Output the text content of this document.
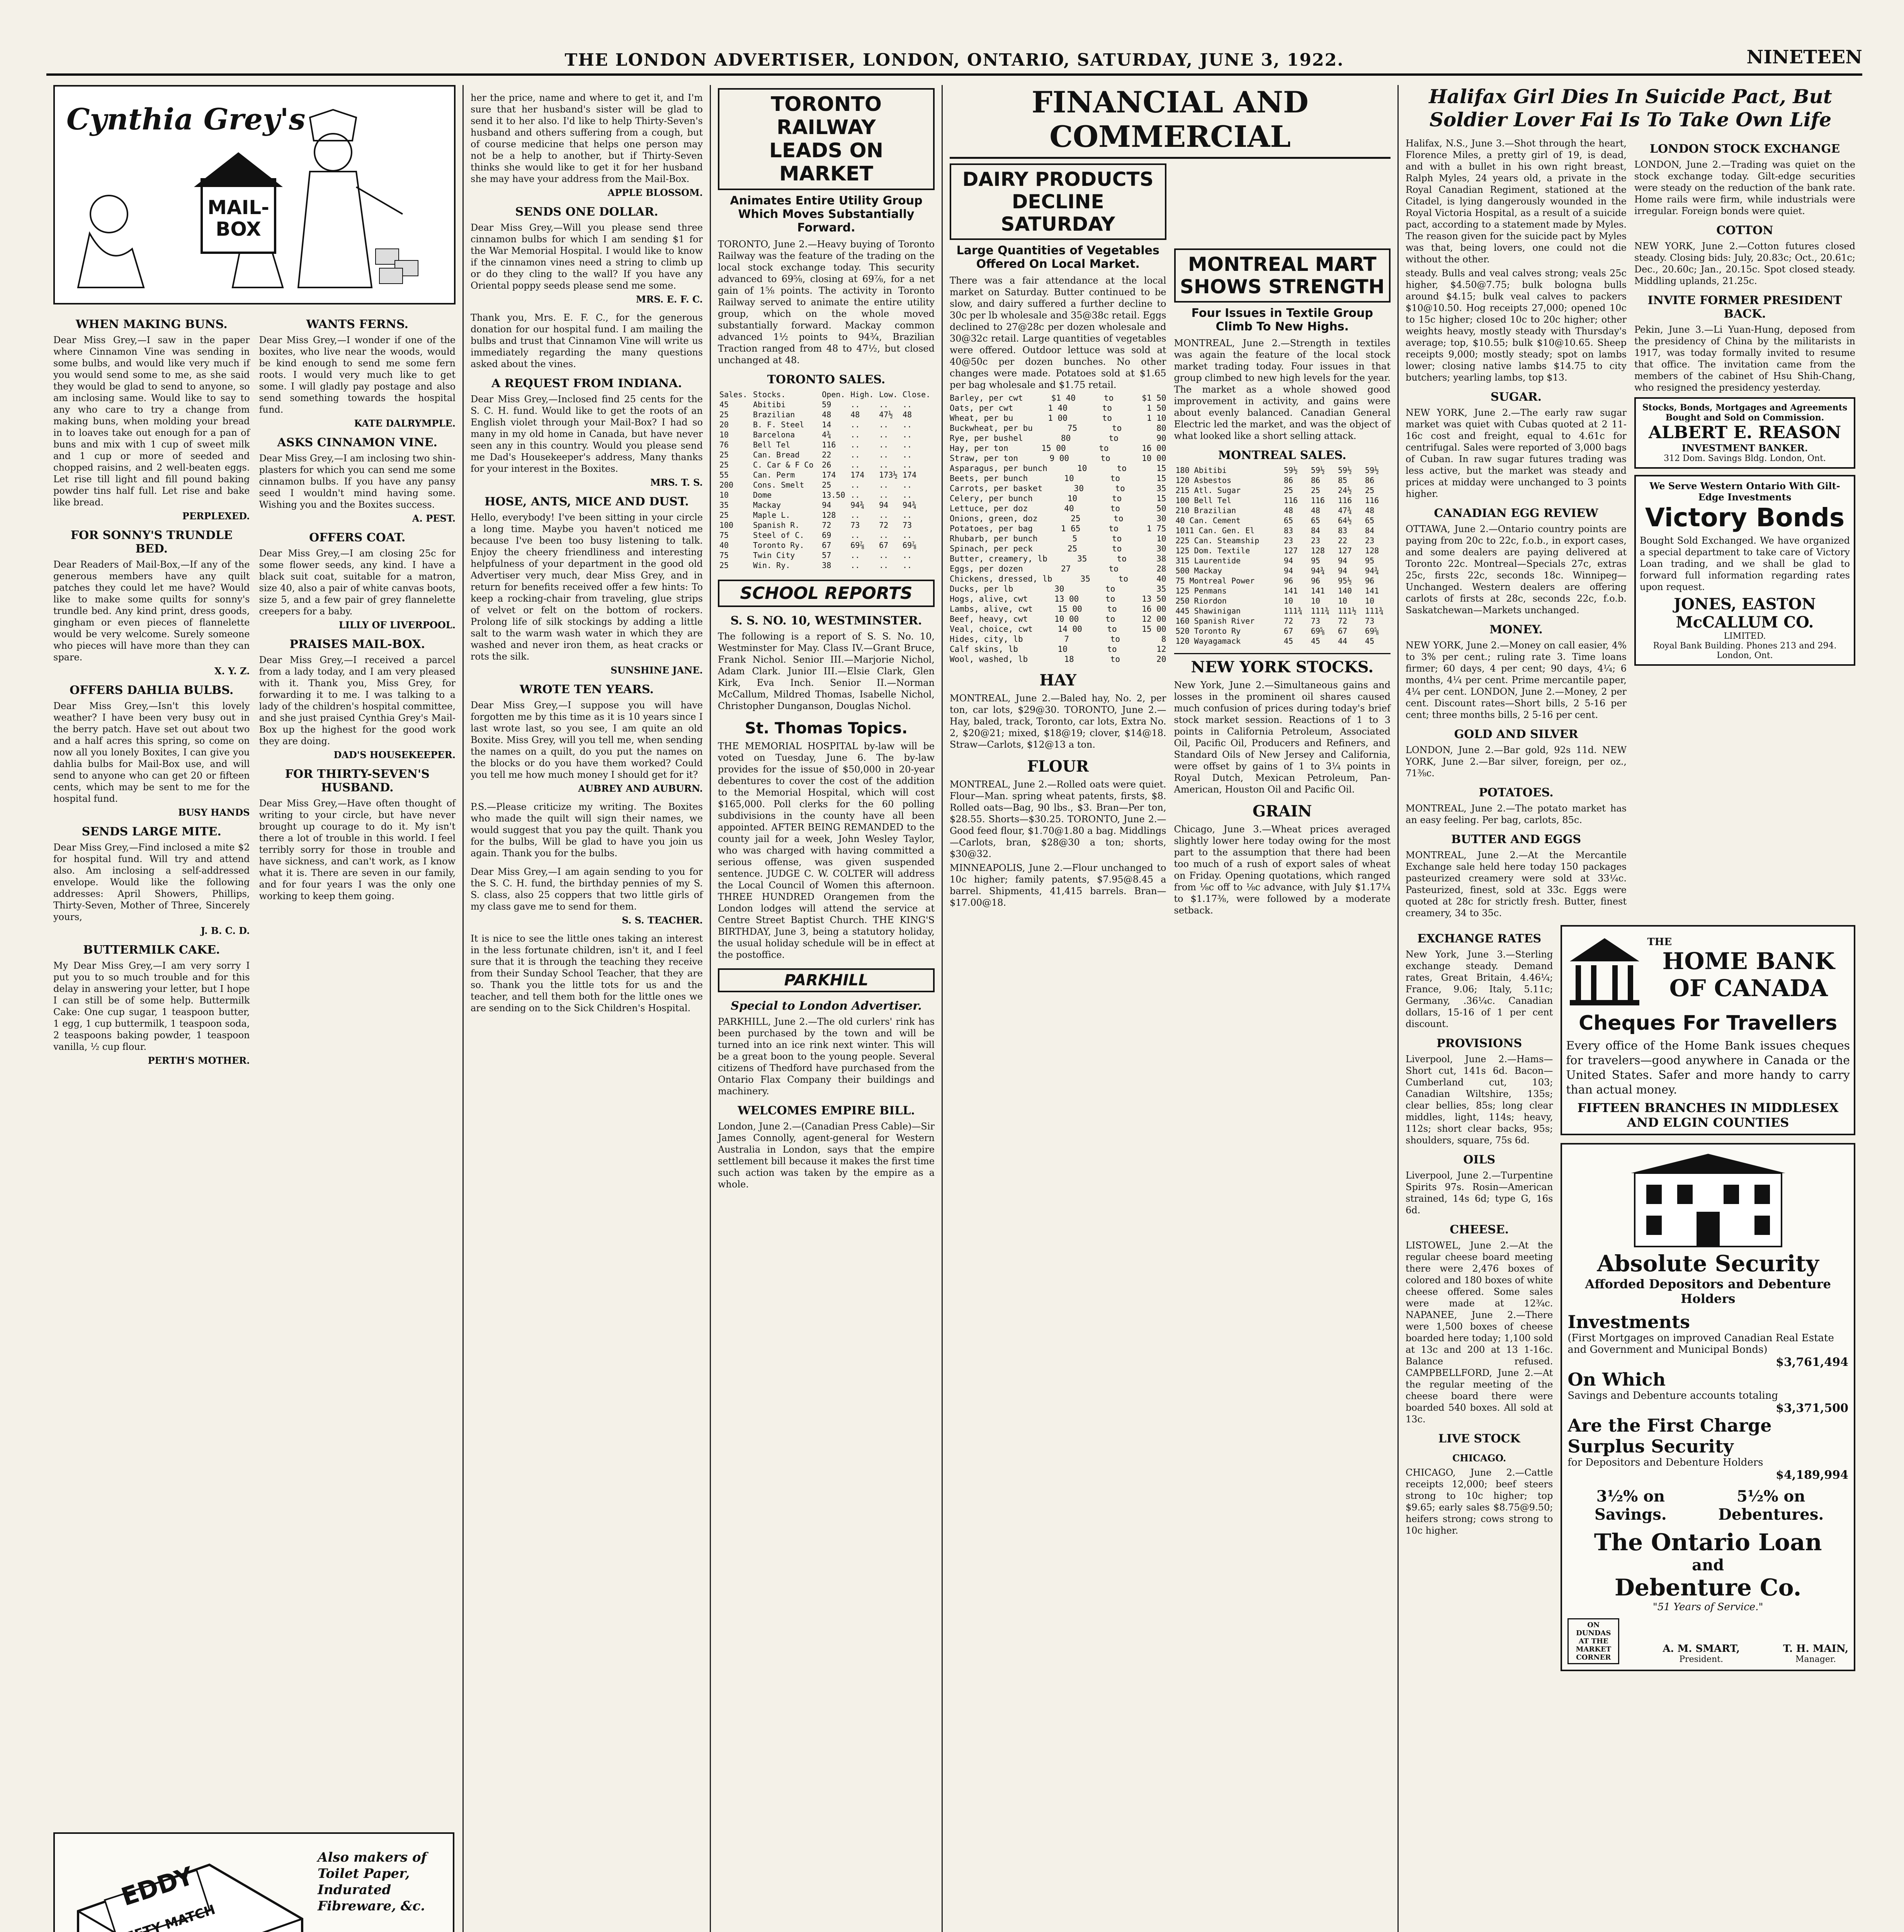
THE LONDON ADVERTISER, LONDON, ONTARIO, SATURDAY, JUNE 3, 1922.	NINETEEN
Cynthia Grey's
MAIL-BOX
WHEN MAKING BUNS.

Dear Miss Grey,—I saw in the paper where Cinnamon Vine was sending in some bulbs, and would like very much if you would send some to me, as she said they would be glad to send to anyone, so am inclosing same. Would like to say to any who care to try a change from making buns, when molding your bread in to loaves take out enough for a pan of buns and mix with 1 cup of sweet milk and 1 cup or more of seeded and chopped raisins, and 2 well-beaten eggs. Let rise till light and fill pound baking powder tins half full. Let rise and bake like bread.

PERPLEXED.
FOR SONNY'S TRUNDLE BED.

Dear Readers of Mail-Box,—If any of the generous members have any quilt patches they could let me have? Would like to make some quilts for sonny's trundle bed. Any kind print, dress goods, gingham or even pieces of flannelette would be very welcome. Surely someone who pieces will have more than they can spare.

X. Y. Z.
OFFERS DAHLIA BULBS.

Dear Miss Grey,—Isn't this lovely weather? I have been very busy out in the berry patch. Have set out about two and a half acres this spring, so come on now all you lonely Boxites, I can give you dahlia bulbs for Mail-Box use, and will send to anyone who can get 20 or fifteen cents, which may be sent to me for the hospital fund.

BUSY HANDS
SENDS LARGE MITE.

Dear Miss Grey,—Find inclosed a mite $2 for hospital fund. Will try and attend also. Am inclosing a self-addressed envelope. Would like the following addresses: April Showers, Phillips, Thirty-Seven, Mother of Three, Sincerely yours,

J. B. C. D.
BUTTERMILK CAKE.

My Dear Miss Grey,—I am very sorry I put you to so much trouble and for this delay in answering your letter, but I hope I can still be of some help. Buttermilk Cake: One cup sugar, 1 teaspoon butter, 1 egg, 1 cup buttermilk, 1 teaspoon soda, 2 teaspoons baking powder, 1 teaspoon vanilla, ½ cup flour.

PERTH'S MOTHER.
WANTS FERNS.

Dear Miss Grey,—I wonder if one of the boxites, who live near the woods, would be kind enough to send me some fern roots. I would very much like to get some. I will gladly pay postage and also send something towards the hospital fund.

KATE DALRYMPLE.
ASKS CINNAMON VINE.

Dear Miss Grey,—I am inclosing two shin-plasters for which you can send me some cinnamon bulbs. If you have any pansy seed I wouldn't mind having some. Wishing you and the Boxites success.

A. PEST.
OFFERS COAT.

Dear Miss Grey,—I am closing 25c for some flower seeds, any kind. I have a black suit coat, suitable for a matron, size 40, also a pair of white canvas boots, size 5, and a few pair of grey flannelette creepers for a baby.

LILLY OF LIVERPOOL.
PRAISES MAIL-BOX.

Dear Miss Grey,—I received a parcel from a lady today, and I am very pleased with it. Thank you, Miss Grey, for forwarding it to me. I was talking to a lady of the children's hospital committee, and she just praised Cynthia Grey's Mail-Box up the highest for the good work they are doing.

DAD'S HOUSEKEEPER.
FOR THIRTY-SEVEN'S HUSBAND.

Dear Miss Grey,—Have often thought of writing to your circle, but have never brought up courage to do it. My isn't there a lot of trouble in this world. I feel terribly sorry for those in trouble and have sickness, and can't work, as I know what it is. There are seven in our family, and for four years I was the only one working to keep them going.

EDDY
MATCH
Also makers of Toilet Paper, Indurated Fibreware, &c.

her the price, name and where to get it, and I'm sure that her husband's sister will be glad to send it to her also. I'd like to help Thirty-Seven's husband and others suffering from a cough, but of course medicine that helps one person may not be a help to another, but if Thirty-Seven thinks she would like to get it for her husband she may have your address from the Mail-Box.

APPLE BLOSSOM.
SENDS ONE DOLLAR.

Dear Miss Grey,—Will you please send three cinnamon bulbs for which I am sending $1 for the War Memorial Hospital. I would like to know if the cinnamon vines need a string to climb up or do they cling to the wall? If you have any Oriental poppy seeds please send me some.

MRS. E. F. C.

Thank you, Mrs. E. F. C., for the generous donation for our hospital fund. I am mailing the bulbs and trust that Cinnamon Vine will write us immediately regarding the many questions asked about the vines.

A REQUEST FROM INDIANA.

Dear Miss Grey,—Inclosed find 25 cents for the S. C. H. fund. Would like to get the roots of an English violet through your Mail-Box? I had so many in my old home in Canada, but have never seen any in this country. Would you please send me Dad's Housekeeper's address, Many thanks for your interest in the Boxites.

MRS. T. S.
HOSE, ANTS, MICE AND DUST.

Hello, everybody! I've been sitting in your circle a long time. Maybe you haven't noticed me because I've been too busy listening to talk. Enjoy the cheery friendliness and interesting helpfulness of your department in the good old Advertiser very much, dear Miss Grey, and in return for benefits received offer a few hints: To keep a rocking-chair from traveling, glue strips of velvet or felt on the bottom of rockers. Prolong life of silk stockings by adding a little salt to the warm wash water in which they are washed and never iron them, as heat cracks or rots the silk.

SUNSHINE JANE.
WROTE TEN YEARS.

Dear Miss Grey,—I suppose you will have forgotten me by this time as it is 10 years since I last wrote last, so you see, I am quite an old Boxite. Miss Grey, will you tell me, when sending the names on a quilt, do you put the names on the blocks or do you have them worked? Could you tell me how much money I should get for it?

AUBREY AND AUBURN.

P.S.—Please criticize my writing. The Boxites who made the quilt will sign their names, we would suggest that you pay the quilt. Thank you for the bulbs, Will be glad to have you join us again. Thank you for the bulbs.

Dear Miss Grey,—I am again sending to you for the S. C. H. fund, the birthday pennies of my S. S. class, also 25 coppers that two little girls of my class gave me to send for them.

S. S. TEACHER.

It is nice to see the little ones taking an interest in the less fortunate children, isn't it, and I feel sure that it is through the teaching they receive from their Sunday School Teacher, that they are so. Thank you the little tots for us and the teacher, and tell them both for the little ones we are sending on to the Sick Children's Hospital.

TORONTO RAILWAY
LEADS ON MARKET
Animates Entire Utility Group Which Moves Substantially Forward.

TORONTO, June 2.—Heavy buying of Toronto Railway was the feature of the trading on the local stock exchange today. This security advanced to 69⅝, closing at 69⅞, for a net gain of 1⅝ points. The activity in Toronto Railway served to animate the entire utility group, which on the whole moved substantially forward. Mackay common advanced 1½ points to 94¾, Brazilian Traction ranged from 48 to 47½, but closed unchanged at 48.

TORONTO SALES.
Sales.	Stocks.	Open.	High.	Low.	Close.
45	Abitibi	59	..	..	..
25	Brazilian	48	48	47½	48
20	B. F. Steel	14	..	..	..
10	Barcelona	4¾	..	..	..
76	Bell Tel	116	..	..	..
25	Can. Bread	22	..	..	..
25	C. Car & F Co	26	..	..	..
55	Can. Perm	174	174	173½	174
200	Cons. Smelt	25	..	..	..
10	Dome	13.50	..	..	..
35	Mackay	94	94¾	94	94¾
25	Maple L.	128	..	..	..
100	Spanish R.	72	73	72	73
75	Steel of C.	69	..	..	..
40	Toronto Ry.	67	69⅞	67	69⅞
75	Twin City	57	..	..	..
25	Win. Ry.	38	..	..	..
SCHOOL REPORTS
S. S. NO. 10, WESTMINSTER.

The following is a report of S. S. No. 10, Westminster for May. Class IV.—Grant Bruce, Frank Nichol. Senior III.—Marjorie Nichol, Adam Clark. Junior III.—Elsie Clark, Glen Kirk, Eva Inch. Senior II.—Norman McCallum, Mildred Thomas, Isabelle Nichol, Christopher Dunganson, Douglas Nichol.

St. Thomas Topics.

THE MEMORIAL HOSPITAL by-law will be voted on Tuesday, June 6. The by-law provides for the issue of $50,000 in 20-year debentures to cover the cost of the addition to the Memorial Hospital, which will cost $165,000. Poll clerks for the 60 polling subdivisions in the county have all been appointed. AFTER BEING REMANDED to the county jail for a week, John Wesley Taylor, who was charged with having committed a serious offense, was given suspended sentence. JUDGE C. W. COLTER will address the Local Council of Women this afternoon. THREE HUNDRED Orangemen from the London lodges will attend the service at Centre Street Baptist Church. THE KING'S BIRTHDAY, June 3, being a statutory holiday, the usual holiday schedule will be in effect at the postoffice.

PARKHILL
Special to London Advertiser.

PARKHILL, June 2.—The old curlers' rink has been purchased by the town and will be turned into an ice rink next winter. This will be a great boon to the young people. Several citizens of Thedford have purchased from the Ontario Flax Company their buildings and machinery.

WELCOMES EMPIRE BILL.

London, June 2.—(Canadian Press Cable)—Sir James Connolly, agent-general for Western Australia in London, says that the empire settlement bill because it makes the first time such action was taken by the empire as a whole.

FINANCIAL AND COMMERCIAL
DAIRY PRODUCTS
DECLINE SATURDAY
Large Quantities of Vegetables Offered On Local Market.

There was a fair attendance at the local market on Saturday. Butter continued to be slow, and dairy suffered a further decline to 30c per lb wholesale and 35@38c retail. Eggs declined to 27@28c per dozen wholesale and 30@32c retail. Large quantities of vegetables were offered. Outdoor lettuce was sold at 40@50c per dozen bunches. No other changes were made. Potatoes sold at $1.65 per bag wholesale and $1.75 retail.

Barley, per cwt	$1 40	to	$1 50
Oats, per cwt	1 40	to	1 50
Wheat, per bu	1 00	to	1 10
Buckwheat, per bu	75	to	80
Rye, per bushel	80	to	90
Hay, per ton	15 00	to	16 00
Straw, per ton	9 00	to	10 00
Asparagus, per bunch	10	to	15
Beets, per bunch	10	to	15
Carrots, per basket	30	to	35
Celery, per bunch	10	to	15
Lettuce, per doz	40	to	50
Onions, green, doz	25	to	30
Potatoes, per bag	1 65	to	1 75
Rhubarb, per bunch	5	to	10
Spinach, per peck	25	to	30
Butter, creamery, lb	35	to	38
Eggs, per dozen	27	to	28
Chickens, dressed, lb	35	to	40
Ducks, per lb	30	to	35
Hogs, alive, cwt	13 00	to	13 50
Lambs, alive, cwt	15 00	to	16 00
Beef, heavy, cwt	10 00	to	12 00
Veal, choice, cwt	14 00	to	15 00
Hides, city, lb	7	to	8
Calf skins, lb	10	to	12
Wool, washed, lb	18	to	20
HAY

MONTREAL, June 2.—Baled hay, No. 2, per ton, car lots, $29@30. TORONTO, June 2.—Hay, baled, track, Toronto, car lots, Extra No. 2, $20@21; mixed, $18@19; clover, $14@18. Straw—Carlots, $12@13 a ton.

FLOUR

MONTREAL, June 2.—Rolled oats were quiet. Flour—Man. spring wheat patents, firsts, $8. Rolled oats—Bag, 90 lbs., $3. Bran—Per ton, $28.55. Shorts—$30.25. TORONTO, June 2.—Good feed flour, $1.70@1.80 a bag. Middlings—Carlots, bran, $28@30 a ton; shorts, $30@32.

MINNEAPOLIS, June 2.—Flour unchanged to 10c higher; family patents, $7.95@8.45 a barrel. Shipments, 41,415 barrels. Bran—$17.00@18.

MONTREAL MART
SHOWS STRENGTH
Four Issues in Textile Group Climb To New Highs.

MONTREAL, June 2.—Strength in textiles was again the feature of the local stock market trading today. Four issues in that group climbed to new high levels for the year. The market as a whole showed good improvement in activity, and gains were about evenly balanced. Canadian General Electric led the market, and was the object of what looked like a short selling attack.

MONTREAL SALES.
180 Abitibi	59½	59½	59½	59½
120 Asbestos	86	86	85	86
215 Atl. Sugar	25	25	24½	25
100 Bell Tel	116	116	116	116
210 Brazilian	48	48	47¾	48
40 Can. Cement	65	65	64½	65
1011 Can. Gen. El	83	84	83	84
225 Can. Steamship	23	23	22	23
125 Dom. Textile	127	128	127	128
315 Laurentide	94	95	94	95
500 Mackay	94	94¾	94	94¾
75 Montreal Power	96	96	95½	96
125 Penmans	141	141	140	141
250 Riordon	10	10	10	10
445 Shawinigan	111¾	111¾	111½	111¾
160 Spanish River	72	73	72	73
520 Toronto Ry	67	69⅝	67	69⅝
120 Wayagamack	45	45	44	45
NEW YORK STOCKS.

New York, June 2.—Simultaneous gains and losses in the prominent oil shares caused much confusion of prices during today's brief stock market session. Reactions of 1 to 3 points in California Petroleum, Associated Oil, Pacific Oil, Producers and Refiners, and Standard Oils of New Jersey and California, were offset by gains of 1 to 3¼ points in Royal Dutch, Mexican Petroleum, Pan-American, Houston Oil and Pacific Oil.

GRAIN

Chicago, June 3.—Wheat prices averaged slightly lower here today owing for the most part to the assumption that there had been too much of a rush of export sales of wheat on Friday. Opening quotations, which ranged from ⅛c off to ⅛c advance, with July $1.17¼ to $1.17⅜, were followed by a moderate setback.

Halifax Girl Dies In Suicide Pact, But Soldier Lover Fai Is To Take Own Life

Halifax, N.S., June 3.—Shot through the heart, Florence Miles, a pretty girl of 19, is dead, and with a bullet in his own right breast, Ralph Myles, 24 years old, a private in the Royal Canadian Regiment, stationed at the Citadel, is lying dangerously wounded in the Royal Victoria Hospital, as a result of a suicide pact, according to a statement made by Myles. The reason given for the suicide pact by Myles was that, being lovers, one could not die without the other.

steady. Bulls and veal calves strong; veals 25c higher, $4.50@7.75; bulk bologna bulls around $4.15; bulk veal calves to packers $10@10.50. Hog receipts 27,000; opened 10c to 15c higher; closed 10c to 20c higher; other weights heavy, mostly steady with Thursday's average; top, $10.55; bulk $10@10.65. Sheep receipts 9,000; mostly steady; spot on lambs lower; closing native lambs $14.75 to city butchers; yearling lambs, top $13.

SUGAR.

NEW YORK, June 2.—The early raw sugar market was quiet with Cubas quoted at 2 11-16c cost and freight, equal to 4.61c for centrifugal. Sales were reported of 3,000 bags of Cuban. In raw sugar futures trading was less active, but the market was steady and prices at midday were unchanged to 3 points higher.

CANADIAN EGG REVIEW

OTTAWA, June 2.—Ontario country points are paying from 20c to 22c, f.o.b., in export cases, and some dealers are paying delivered at Toronto 22c. Montreal—Specials 27c, extras 25c, firsts 22c, seconds 18c. Winnipeg—Unchanged. Western dealers are offering carlots of firsts at 28c, seconds 22c, f.o.b. Saskatchewan—Markets unchanged.

MONEY.

NEW YORK, June 2.—Money on call easier, 4% to 3% per cent.; ruling rate 3. Time loans firmer; 60 days, 4 per cent; 90 days, 4¼; 6 months, 4¼ per cent. Prime mercantile paper, 4¼ per cent. LONDON, June 2.—Money, 2 per cent. Discount rates—Short bills, 2 5-16 per cent; three months bills, 2 5-16 per cent.

GOLD AND SILVER

LONDON, June 2.—Bar gold, 92s 11d. NEW YORK, June 2.—Bar silver, foreign, per oz., 71⅜c.

POTATOES.

MONTREAL, June 2.—The potato market has an easy feeling. Per bag, carlots, 85c.

BUTTER AND EGGS

MONTREAL, June 2.—At the Mercantile Exchange sale held here today 150 packages pasteurized creamery were sold at 33¼c. Pasteurized, finest, sold at 33c. Eggs were quoted at 28c for strictly fresh. Butter, finest creamery, 34 to 35c.

LONDON STOCK EXCHANGE

LONDON, June 2.—Trading was quiet on the stock exchange today. Gilt-edge securities were steady on the reduction of the bank rate. Home rails were firm, while industrials were irregular. Foreign bonds were quiet.

COTTON

NEW YORK, June 2.—Cotton futures closed steady. Closing bids: July, 20.83c; Oct., 20.61c; Dec., 20.60c; Jan., 20.15c. Spot closed steady. Middling uplands, 21.25c.

INVITE FORMER PRESIDENT BACK.

Pekin, June 3.—Li Yuan-Hung, deposed from the presidency of China by the militarists in 1917, was today formally invited to resume that office. The invitation came from the members of the cabinet of Hsu Shih-Chang, who resigned the presidency yesterday.

Stocks, Bonds, Mortgages and Agreements Bought and Sold on Commission.
ALBERT E. REASON
INVESTMENT BANKER.
312 Dom. Savings Bldg. London, Ont.
We Serve Western Ontario With Gilt-Edge Investments
Victory Bonds

Bought Sold Exchanged. We have organized a special department to take care of Victory Loan trading, and we shall be glad to forward full information regarding rates upon request.

JONES, EASTON
McCALLUM CO.
LIMITED.
Royal Bank Building. Phones 213 and 294. London, Ont.
EXCHANGE RATES

New York, June 3.—Sterling exchange steady. Demand rates, Great Britain, 4.46¼; France, 9.06; Italy, 5.11c; Germany, .36¼c. Canadian dollars, 15-16 of 1 per cent discount.

PROVISIONS

Liverpool, June 2.—Hams—Short cut, 141s 6d. Bacon—Cumberland cut, 103; Canadian Wiltshire, 135s; clear bellies, 85s; long clear middles, light, 114s; heavy, 112s; short clear backs, 95s; shoulders, square, 75s 6d.

OILS

Liverpool, June 2.—Turpentine Spirits 97s. Rosin—American strained, 14s 6d; type G, 16s 6d.

CHEESE.

LISTOWEL, June 2.—At the regular cheese board meeting there were 2,476 boxes of colored and 180 boxes of white cheese offered. Some sales were made at 12¾c. NAPANEE, June 2.—There were 1,500 boxes of cheese boarded here today; 1,100 sold at 13c and 200 at 13 1-16c. Balance refused. CAMPBELLFORD, June 2.—At the regular meeting of the cheese board there were boarded 540 boxes. All sold at 13c.

LIVE STOCK
CHICAGO.

CHICAGO, June 2.—Cattle receipts 12,000; beef steers strong to 10c higher; top $9.65; early sales $8.75@9.50; heifers strong; cows strong to 10c higher.

THE
HOME BANK OF CANADA
Cheques For Travellers

Every office of the Home Bank issues cheques for travelers—good anywhere in Canada or the United States. Safer and more handy to carry than actual money.

FIFTEEN BRANCHES IN MIDDLESEX AND ELGIN COUNTIES
Absolute Security
Afforded Depositors and Debenture Holders
Investments
(First Mortgages on improved Canadian Real Estate and Government and Municipal Bonds)
$3,761,494
On Which
Savings and Debenture accounts totaling
$3,371,500
Are the First Charge
Surplus Security
for Depositors and Debenture Holders
$4,189,994
3½% on Savings.
5½% on Debentures.
The Ontario Loan
and
Debenture Co.
"51 Years of Service."
ON DUNDAS AT THE MARKET CORNER
A. M. SMART,
President.
T. H. MAIN,
Manager.
